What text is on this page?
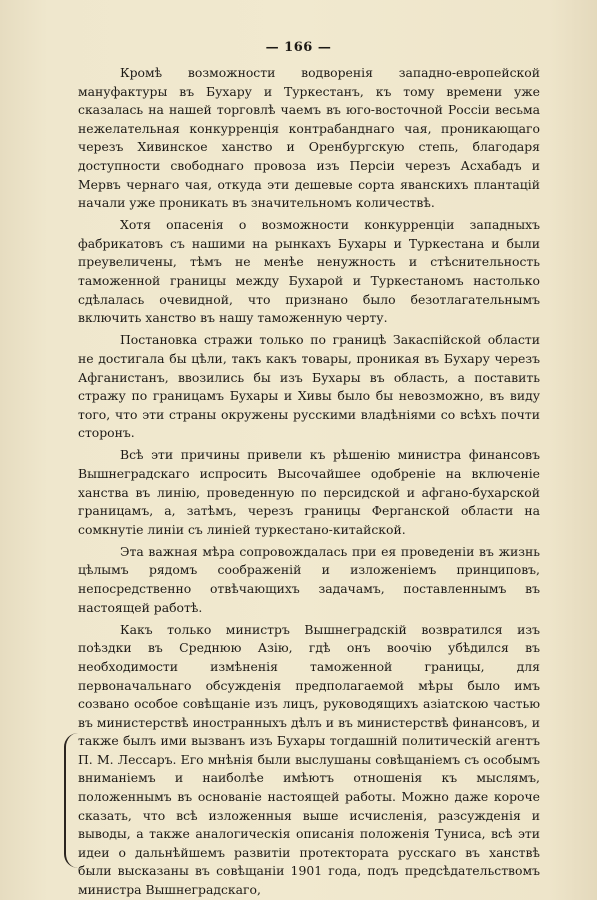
— 166 —

Кромѣ возможности водворенія западно-европейской мануфактуры въ Бухару и Туркестанъ, къ тому времени уже сказалась на нашей торговлѣ чаемъ въ юго-восточной Россіи весьма нежелательная конкурренція контрабанднаго чая, проникающаго черезъ Хивинское ханство и Оренбургскую степь, благодаря доступности свободнаго провоза изъ Персіи черезъ Асхабадъ и Мервъ чернаго чая, откуда эти дешевые сорта яванскихъ плантацій начали уже проникать въ значительномъ количествѣ.

Хотя опасенія о возможности конкурренціи западныхъ фабрикатовъ съ нашими на рынкахъ Бухары и Туркестана и были преувеличены, тѣмъ не менѣе ненужность и стѣснительность таможенной границы между Бухарой и Туркестаномъ настолько сдѣлалась очевидной, что признано было безотлагательнымъ включить ханство въ нашу таможенную черту.

Постановка стражи только по границѣ Закаспійской области не достигала бы цѣли, такъ какъ товары, проникая въ Бухару черезъ Афганистанъ, ввозились бы изъ Бухары въ область, а поставить стражу по границамъ Бухары и Хивы было бы невозможно, въ виду того, что эти страны окружены русскими владѣніями со всѣхъ почти сторонъ.

Всѣ эти причины привели къ рѣшенію министра финансовъ Вышнеградскаго испросить Высочайшее одобреніе на включеніе ханства въ линію, проведенную по персидской и афгано-бухарской границамъ, а, затѣмъ, черезъ границы Ферганской области на сомкнутіе линіи съ линіей туркестано-китайской.

Эта важная мѣра сопровождалась при ея проведеніи въ жизнь цѣлымъ рядомъ соображеній и изложеніемъ принциповъ, непосредственно отвѣчающихъ задачамъ, поставленнымъ въ настоящей работѣ.

Какъ только министръ Вышнеградскій возвратился изъ поѣздки въ Среднюю Азію, гдѣ онъ воочію убѣдился въ необходимости измѣненія таможенной границы, для первоначальнаго обсужденія предполагаемой мѣры было имъ созвано особое совѣщаніе изъ лицъ, руководящихъ азіатскою частью въ министерствѣ иностранныхъ дѣлъ и въ министерствѣ финансовъ, и также былъ ими вызванъ изъ Бухары тогдашній политическій агентъ П. М. Лессаръ. Его мнѣнія были выслушаны совѣщаніемъ съ особымъ вниманіемъ и наиболѣе имѣютъ отношенія къ мыслямъ, положеннымъ въ основаніе настоящей работы. Можно даже короче сказать, что всѣ изложенныя выше исчисленія, разсужденія и выводы, а также аналогическія описанія положенія Туниса, всѣ эти идеи о дальнѣйшемъ развитіи протектората русскаго въ ханствѣ были высказаны въ совѣщаніи 1901 года, подъ предсѣдательствомъ министра Вышнеградскаго,
